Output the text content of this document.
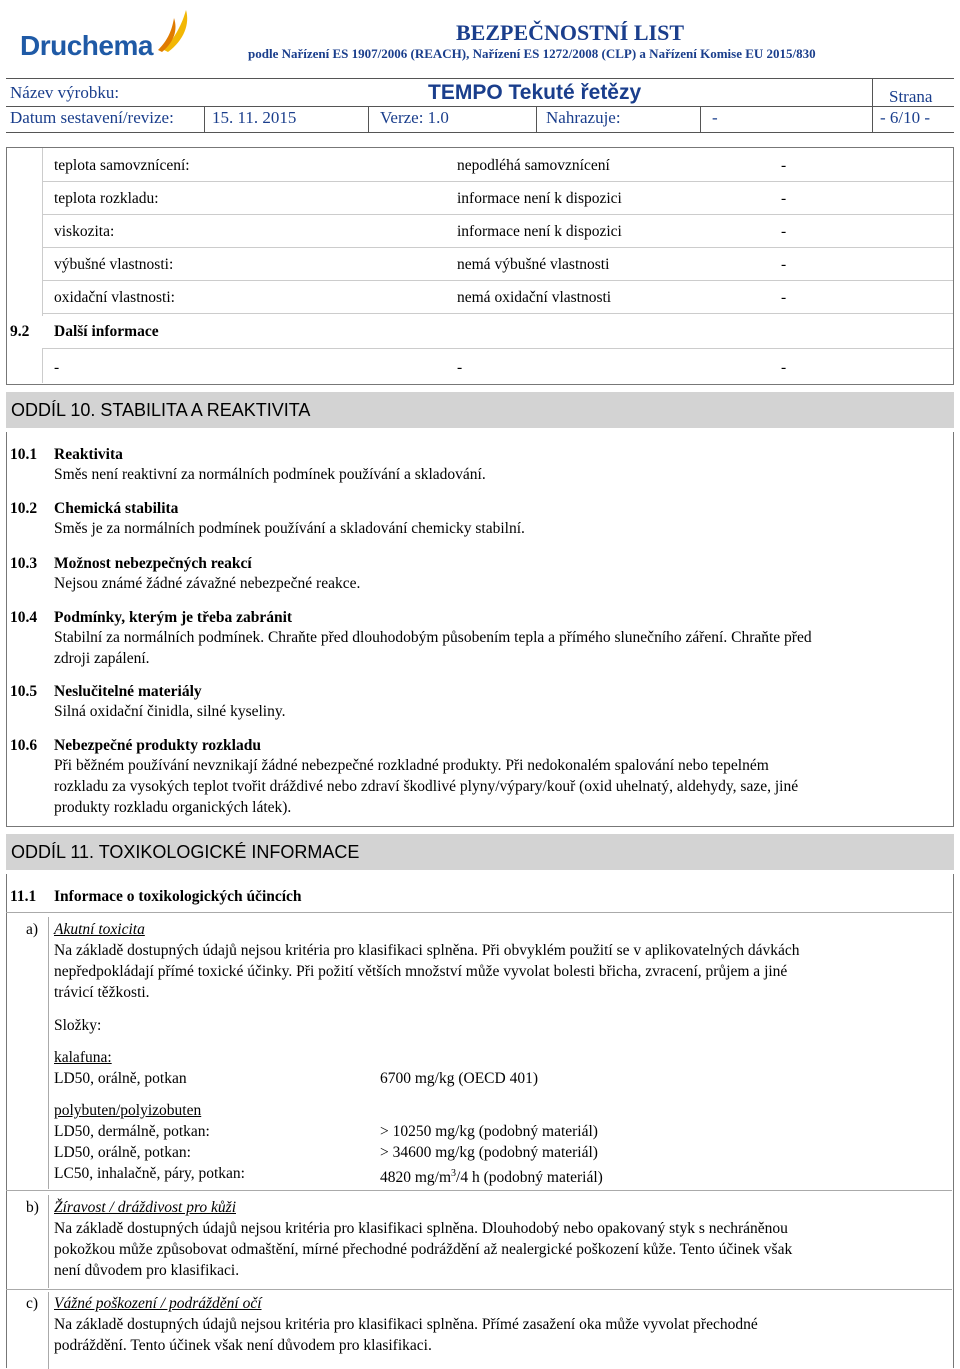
Druchema	BEZPEČNOSTNÍ LIST
podle Nařízení ES 1907/2006 (REACH), Nařízení ES 1272/2008 (CLP) a Nařízení Komise EU 2015/830
Název výrobku:	TEMPO Tekuté řetězy	Strana
Datum sestavení/revize: 15. 11. 2015	Verze: 1.0	Nahrazuje:	-	- 6/10 -
teplota samovznícení:	nepodléhá samovznícení	-
teplota rozkladu:	informace není k dispozici	-
viskozita:	informace není k dispozici	-
výbušné vlastnosti:	nemá výbušné vlastnosti	-
oxidační vlastnosti:	nemá oxidační vlastnosti	-
9.2 Další informace
-	-	-
ODDÍL 10. STABILITA A REAKTIVITA
10.1 Reaktivita
Směs není reaktivní za normálních podmínek používání a skladování.
10.2 Chemická stabilita
Směs je za normálních podmínek používání a skladování chemicky stabilní.
10.3 Možnost nebezpečných reakcí
Nejsou známé žádné závažné nebezpečné reakce.
10.4 Podmínky, kterým je třeba zabránit
Stabilní za normálních podmínek. Chraňte před dlouhodobým působením tepla a přímého slunečního záření. Chraňte před
zdroji zapálení.
10.5 Neslučitelné materiály
Silná oxidační činidla, silné kyseliny.
10.6 Nebezpečné produkty rozkladu
Při běžném používání nevznikají žádné nebezpečné rozkladné produkty. Při nedokonalém spalování nebo tepelném
rozkladu za vysokých teplot tvořit dráždivé nebo zdraví škodlivé plyny/výpary/kouř (oxid uhelnatý, aldehydy, saze, jiné
produkty rozkladu organických látek).
ODDÍL 11. TOXIKOLOGICKÉ INFORMACE
11.1 Informace o toxikologických účincích
a) Akutní toxicita
Na základě dostupných údajů nejsou kritéria pro klasifikaci splněna. Při obvyklém použití se v aplikovatelných dávkách
nepředpokládají přímé toxické účinky. Při požití větších množství může vyvolat bolesti břicha, zvracení, průjem a jiné
trávicí těžkosti.
Složky:
kalafuna:
LD50, orálně, potkan	6700 mg/kg (OECD 401)
polybuten/polyizobuten
LD50, dermálně, potkan:	> 10250 mg/kg (podobný materiál)
LD50, orálně, potkan:	> 34600 mg/kg (podobný materiál)
LC50, inhalačně, páry, potkan:	4820 $mg/m^3/4$ h (podobný materiál)
b) Žíravost / dráždivost pro kůži
Na základě dostupných údajů nejsou kritéria pro klasifikaci splněna. Dlouhodobý nebo opakovaný styk s nechráněnou
pokožkou může způsobovat odmaštění, mírné přechodné podráždění až nealergické poškození kůže. Tento účinek však
není důvodem pro klasifikaci.
c) Vážné poškození / podráždění očí
Na základě dostupných údajů nejsou kritéria pro klasifikaci splněna. Přímé zasažení oka může vyvolat přechodné
podráždění. Tento účinek však není důvodem pro klasifikaci.
